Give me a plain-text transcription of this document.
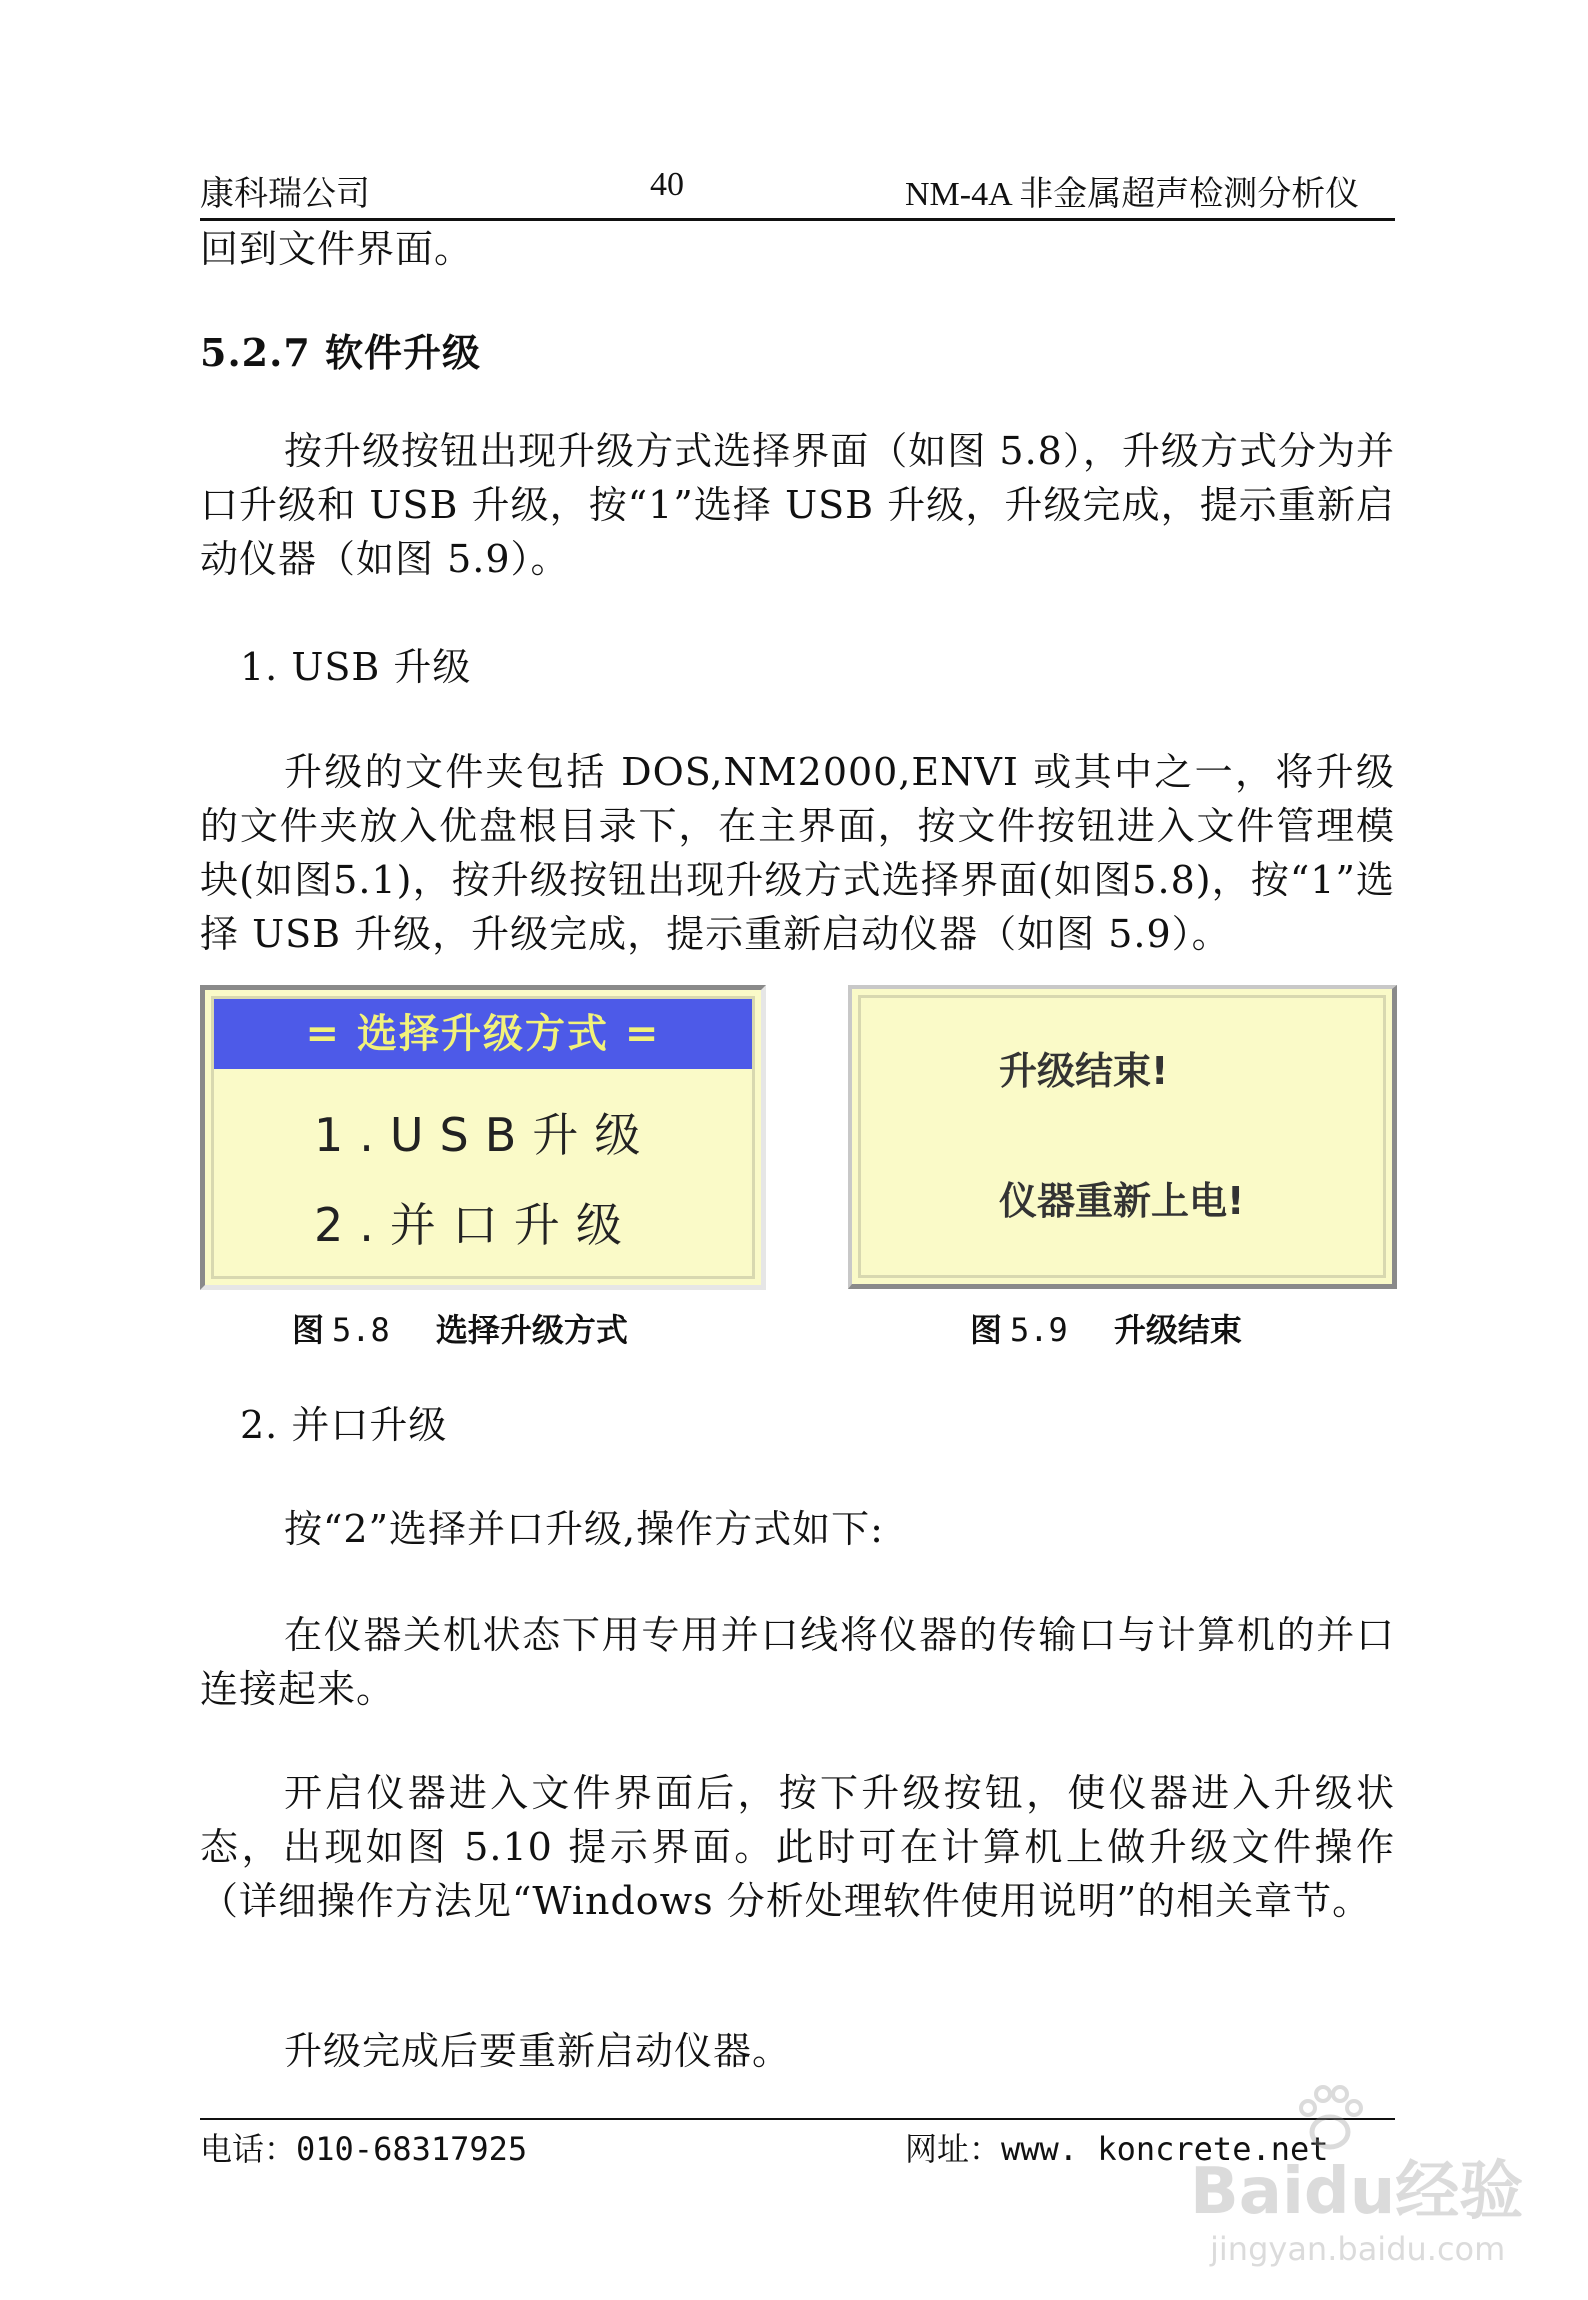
康科瑞公司	40	NM-4A 非金属超声检测分析仪
回到文件界面。
5.2.7 软件升级
按升级按钮出现升级方式选择界面（如图 5.8），升级方式分为并口升级和 USB 升级，按“1”选择 USB 升级，升级完成，提示重新启动仪器（如图 5.9）。
1. USB 升级
升级的文件夹包括 DOS,NM2000,ENVI 或其中之一，将升级的文件夹放入优盘根目录下，在主界面，按文件按钮进入文件管理模块(如图5.1)，按升级按钮出现升级方式选择界面(如图5.8)，按“1”选择 USB 升级，升级完成，提示重新启动仪器（如图 5.9）。
= 选择升级方式 =
1.USB升级
2.并口升级
升级结束!
仪器重新上电!
图 5.8 选择升级方式	图 5.9 升级结束
2. 并口升级
按“2”选择并口升级,操作方式如下:
在仪器关机状态下用专用并口线将仪器的传输口与计算机的并口连接起来。
开启仪器进入文件界面后，按下升级按钮，使仪器进入升级状态，出现如图 5.10 提示界面。此时可在计算机上做升级文件操作（详细操作方法见“Windows 分析处理软件使用说明”的相关章节。
升级完成后要重新启动仪器。
电话：010-68317925	网址：www. koncrete.net
Baidu经验
jingyan.baidu.com
